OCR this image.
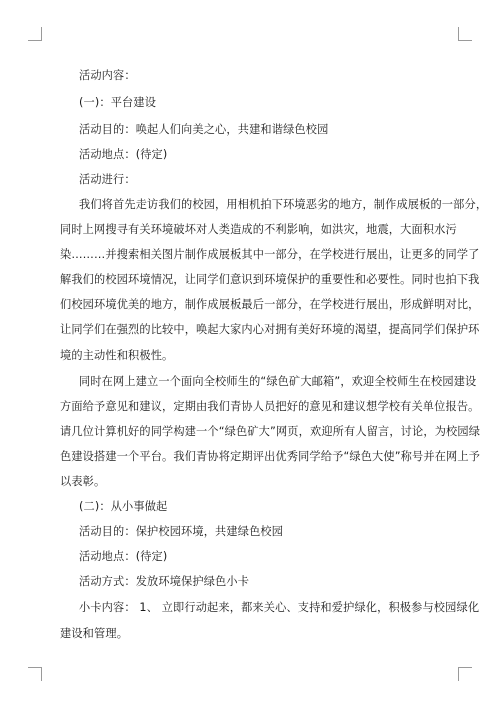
活动内容：
(一)：平台建设
活动目的：唤起人们向美之心，共建和谐绿色校园
活动地点：(待定)
活动进行：
我们将首先走访我们的校园，用相机拍下环境恶劣的地方，制作成展板的一部分，
同时上网搜寻有关环境破坏对人类造成的不利影响，如洪灾，地震，大面积水污
染………并搜索相关图片制作成展板其中一部分，在学校进行展出，让更多的同学了
解我们的校园环境情况，让同学们意识到环境保护的重要性和必要性。同时也拍下我
们校园环境优美的地方，制作成展板最后一部分，在学校进行展出，形成鲜明对比，
让同学们在强烈的比较中，唤起大家内心对拥有美好环境的渴望，提高同学们保护环
境的主动性和积极性。
同时在网上建立一个面向全校师生的“绿色矿大邮箱”，欢迎全校师生在校园建设
方面给予意见和建议，定期由我们青协人员把好的意见和建议想学校有关单位报告。
请几位计算机好的同学构建一个“绿色矿大”网页，欢迎所有人留言，讨论，为校园绿
色建设搭建一个平台。我们青协将定期评出优秀同学给予“绿色大使”称号并在网上予
以表彰。
(二)：从小事做起
活动目的：保护校园环境，共建绿色校园
活动地点：(待定)
活动方式：发放环境保护绿色小卡
小卡内容： 1、 立即行动起来，都来关心、支持和爱护绿化，积极参与校园绿化
建设和管理。
